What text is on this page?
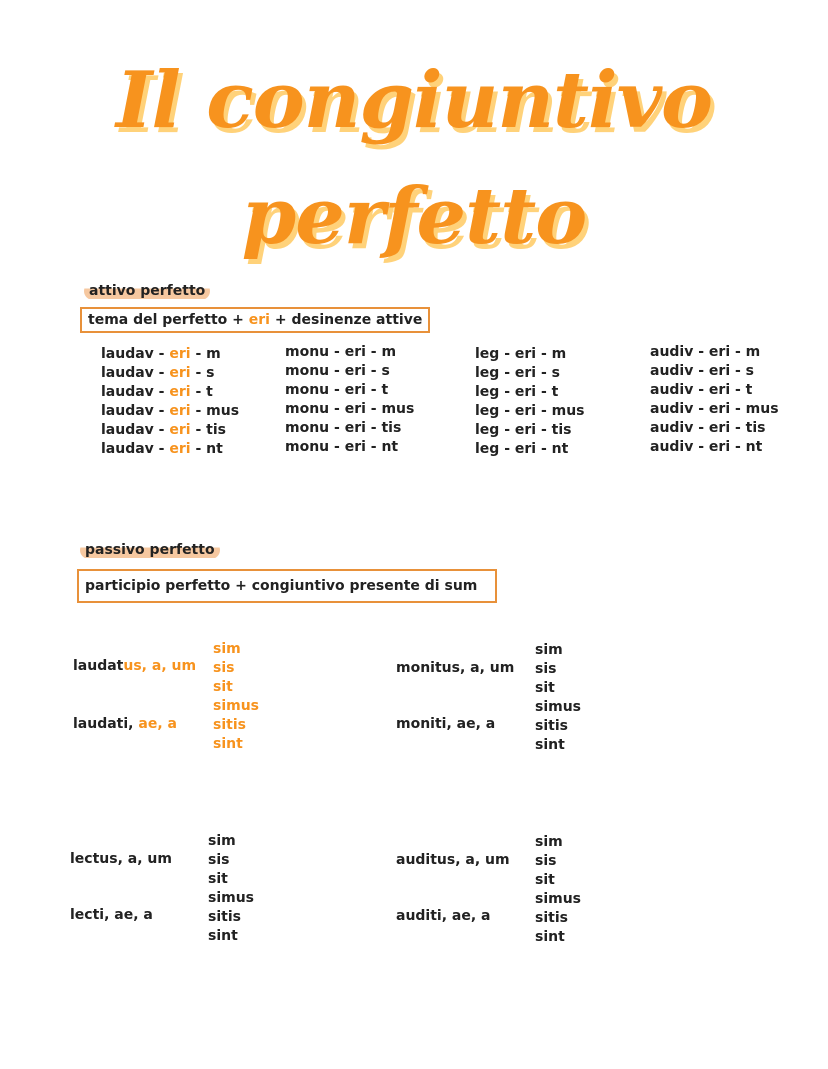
Il congiuntivo
perfetto
attivo perfetto
tema del perfetto + eri + desinenze attive
laudav - eri - m
laudav - eri - s
laudav - eri - t
laudav - eri - mus
laudav - eri - tis
laudav - eri - nt
monu - eri - m
monu - eri - s
monu - eri - t
monu - eri - mus
monu - eri - tis
monu - eri - nt
leg - eri - m
leg - eri - s
leg - eri - t
leg - eri - mus
leg - eri - tis
leg - eri - nt
audiv - eri - m
audiv - eri - s
audiv - eri - t
audiv - eri - mus
audiv - eri - tis
audiv - eri - nt
passivo perfetto
participio perfetto + congiuntivo presente di sum
laudatus, a, um
laudati, ae, a
sim
sis
sit
simus
sitis
sint
monitus, a, um
moniti, ae, a
sim
sis
sit
simus
sitis
sint
lectus, a, um
lecti, ae, a
sim
sis
sit
simus
sitis
sint
auditus, a, um
auditi, ae, a
sim
sis
sit
simus
sitis
sint
